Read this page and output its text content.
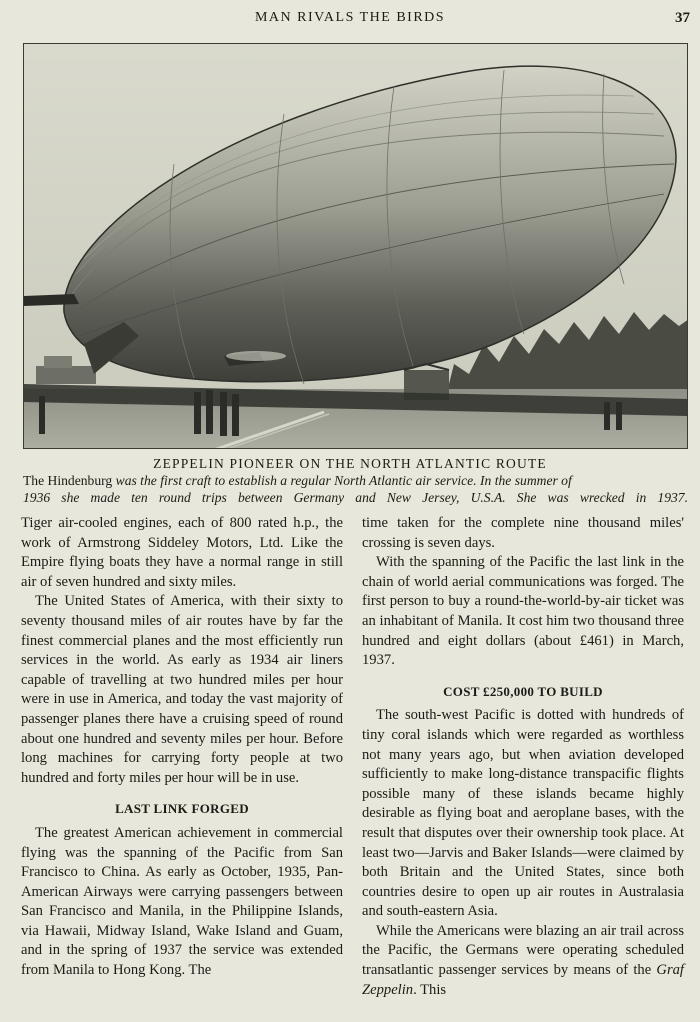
MAN RIVALS THE BIRDS	37
ZEPPELIN PIONEER ON THE NORTH ATLANTIC ROUTE
The Hindenburg was the first craft to establish a regular North Atlantic air service. In the summer of
1936 she made ten round trips between Germany and New Jersey, U.S.A. She was wrecked in 1937.

Tiger air-cooled engines, each of 800 rated h.p., the work of Armstrong Siddeley Motors, Ltd. Like the Empire flying boats they have a normal range in still air of seven hundred and sixty miles.

The United States of America, with their sixty to seventy thousand miles of air routes have by far the finest commercial planes and the most efficiently run services in the world. As early as 1934 air liners capable of travelling at two hundred miles per hour were in use in America, and today the vast majority of passenger planes there have a cruising speed of round about one hundred and seventy miles per hour. Before long machines for carrying forty people at two hundred and forty miles per hour will be in use.

LAST LINK FORGED

The greatest American achievement in commercial flying was the spanning of the Pacific from San Francisco to China. As early as October, 1935, Pan-American Airways were carrying passengers between San Francisco and Manila, in the Philippine Islands, via Hawaii, Midway Island, Wake Island and Guam, and in the spring of 1937 the service was extended from Manila to Hong Kong. The

time taken for the complete nine thousand miles' crossing is seven days.

With the spanning of the Pacific the last link in the chain of world aerial communications was forged. The first person to buy a round-the-world-by-air ticket was an inhabitant of Manila. It cost him two thousand three hundred and eight dollars (about £461) in March, 1937.

COST £250,000 TO BUILD

The south-west Pacific is dotted with hundreds of tiny coral islands which were regarded as worthless not many years ago, but when aviation developed sufficiently to make long-distance transpacific flights possible many of these islands became highly desirable as flying boat and aeroplane bases, with the result that disputes over their ownership took place. At least two—Jarvis and Baker Islands—were claimed by both Britain and the United States, since both countries desire to open up air routes in Australasia and south-eastern Asia.

While the Americans were blazing an air trail across the Pacific, the Germans were operating scheduled transatlantic passenger services by means of the Graf Zeppelin. This
